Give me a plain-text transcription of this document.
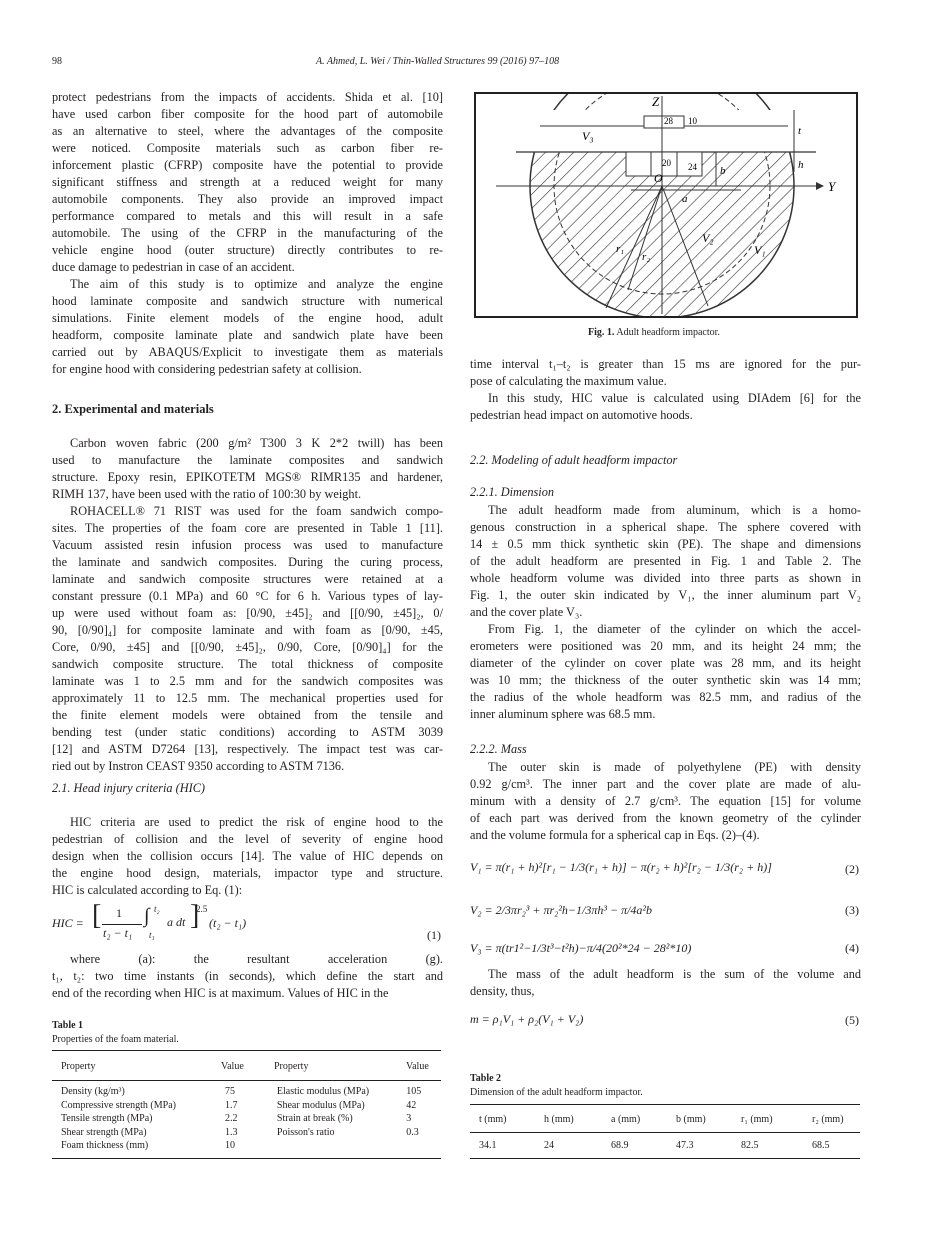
98	A. Ahmed, L. Wei / Thin-Walled Structures 99 (2016) 97–108

protect pedestrians from the impacts of accidents. Shida et al. [10]

have used carbon fiber composite for the hood part of automobile

as an alternative to steel, where the advantages of the composite

were noticed. Composite materials such as carbon fiber re-

inforcement plastic (CFRP) composite have the potential to provide

significant stiffness and strength at a reduced weight for many

automobile components. They also provide an improved impact

performance compared to metals and this will result in a safe

automobile. The using of the CFRP in the manufacturing of the

vehicle engine hood (outer structure) directly contributes to re-

duce damage to pedestrian in case of an accident.

The aim of this study is to optimize and analyze the engine

hood laminate composite and sandwich structure with numerical

simulations. Finite element models of the engine hood, adult

headform, composite laminate plate and sandwich plate have been

carried out by ABAQUS/Explicit to investigate them as materials

for engine hood with considering pedestrian safety at collision.

2. Experimental and materials

Carbon woven fabric (200 g/m² T300 3 K 2*2 twill) has been

used to manufacture the laminate composites and sandwich

structure. Epoxy resin, EPIKOTETM MGS® RIMR135 and hardener,

RIMH 137, have been used with the ratio of 100:30 by weight.

ROHACELL® 71 RIST was used for the foam sandwich compo-

sites. The properties of the foam core are presented in Table 1 [11].

Vacuum assisted resin infusion process was used to manufacture

the laminate and sandwich composites. During the curing process,

laminate and sandwich composite structures were retained at a

constant pressure (0.1 MPa) and 60 °C for 6 h. Various types of lay-

up were used without foam as: [0/90, ±45]₂ and [[0/90, ±45]₂, 0/

90, [0/90]₄] for composite laminate and with foam as [0/90, ±45,

Core, 0/90, ±45] and [[0/90, ±45]₂, 0/90, Core, [0/90]₄] for the

sandwich composite structure. The total thickness of composite

laminate was 1 to 2.5 mm and for the sandwich composites was

approximately 11 to 12.5 mm. The mechanical properties used for

the finite element models were obtained from the tensile and

bending test (under static conditions) according to ASTM 3039

[12] and ASTM D7264 [13], respectively. The impact test was car-

ried out by Instron CEAST 9350 according to ASTM 7136.

2.1. Head injury criteria (HIC)

HIC criteria are used to predict the risk of engine hood to the

pedestrian of collision and the level of severity of engine hood

design when the collision occurs [14]. The value of HIC depends on

the engine hood design, materials, impactor type and structure.

HIC is calculated according to Eq. (1):

HIC = [ 1
t₂ − t₁
∫ t₂
t₁
a dt ]
2.5
(t₂ − t₁)
(1)

where (a): the resultant acceleration (g).

t₁, t₂: two time instants (in seconds), which define the start and

end of the recording when HIC is at maximum. Values of HIC in the

Table 1
Properties of the foam material.
Property	Value	Property	Value
Density (kg/m³)	75	Elastic modulus (MPa)	105
Compressive strength (MPa)	1.7	Shear modulus (MPa)	42
Tensile strength (MPa)	2.2	Strain at break (%)	3
Shear strength (MPa)	1.3	Poisson's ratio	0.3
Foam thickness (mm)	10		
Z
Y
O
V₃
V₂
V₁
t
h
a
b
r₁
r₂
28 10
20 24
Fig. 1. Adult headform impactor.

time interval t₁–t₂ is greater than 15 ms are ignored for the pur-

pose of calculating the maximum value.

In this study, HIC value is calculated using DIAdem [6] for the

pedestrian head impact on automotive hoods.

2.2. Modeling of adult headform impactor
2.2.1. Dimension

The adult headform made from aluminum, which is a homo-

genous construction in a spherical shape. The sphere covered with

14 ± 0.5 mm thick synthetic skin (PE). The shape and dimensions

of the adult headform are presented in Fig. 1 and Table 2. The

whole headform volume was divided into three parts as shown in

Fig. 1, the outer skin indicated by V₁, the inner aluminum part V₂

and the cover plate V₃.

From Fig. 1, the diameter of the cylinder on which the accel-

erometers were positioned was 20 mm, and its height 24 mm; the

diameter of the cylinder on cover plate was 28 mm, and its height

was 10 mm; the thickness of the outer synthetic skin was 14 mm;

the radius of the whole headform was 82.5 mm, and radius of the

inner aluminum sphere was 68.5 mm.

2.2.2. Mass

The outer skin is made of polyethylene (PE) with density

0.92 g/cm³. The inner part and the cover plate are made of alu-

minum with a density of 2.7 g/cm³. The equation [15] for volume

of each part was derived from the known geometry of the cylinder

and the volume formula for a spherical cap in Eqs. (2)–(4).

V₁ = π(r₁ + h)²[r₁ − 1/3(r₁ + h)] − π(r₂ + h)²[r₂ − 1/3(r₂ + h)]	(2)
V₂ = 2/3πr₂³ + πr₂²h−1/3πh³ − π/4a²b	(3)
V₃ = π(tr1²−1/3t³−t²h)−π/4(20²*24 − 28²*10)	(4)

The mass of the adult headform is the sum of the volume and

density, thus,

m = ρ₁V₁ + ρ₂(V₁ + V₂)	(5)
Table 2
Dimension of the adult headform impactor.
t (mm)	h (mm)	a (mm)	b (mm)	r₁ (mm)	r₂ (mm)
34.1	24	68.9	47.3	82.5	68.5
